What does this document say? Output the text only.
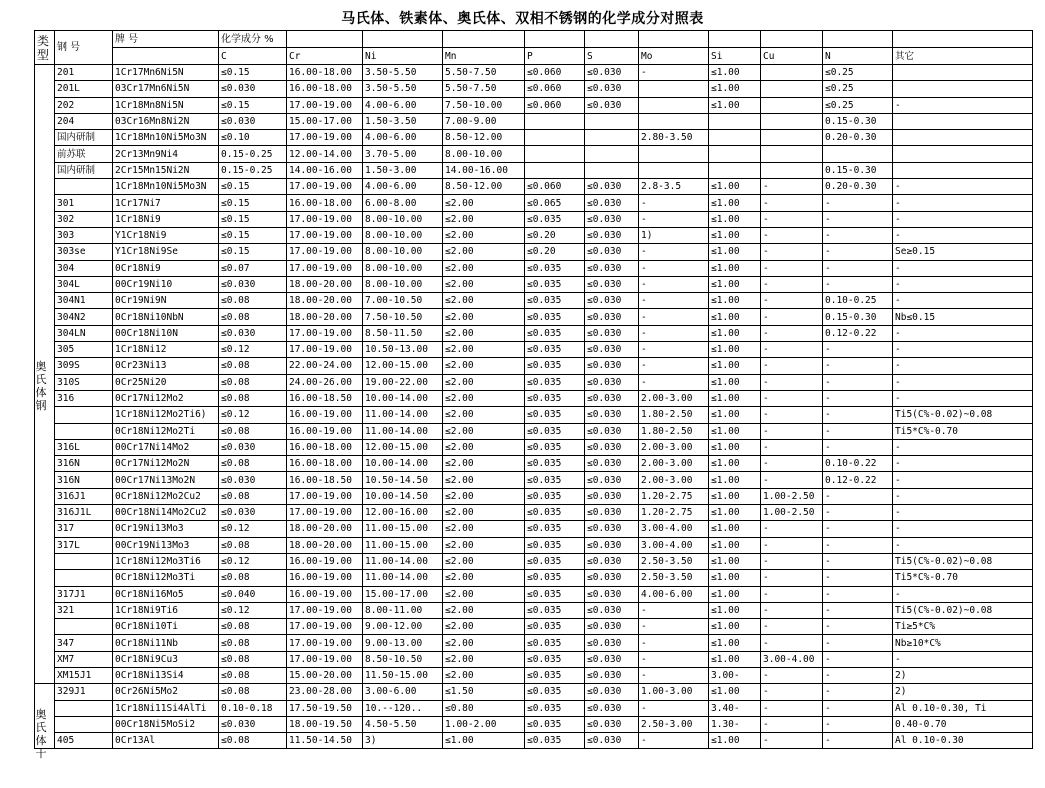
马氏体、铁素体、奥氏体、双相不锈钢的化学成分对照表
类
型
奥
氏
体
钢
奥
氏
体
十
	钢 号	牌 号	化学成分 %										
			C	Cr	Ni	Mn	P	S	Mo	Si	Cu	N	其它
	201	1Cr17Mn6Ni5N	≤0.15	16.00-18.00	3.50-5.50	5.50-7.50	≤0.060	≤0.030	-	≤1.00		≤0.25	
	201L	03Cr17Mn6Ni5N	≤0.030	16.00-18.00	3.50-5.50	5.50-7.50	≤0.060	≤0.030		≤1.00		≤0.25	
	202	1Cr18Mn8Ni5N	≤0.15	17.00-19.00	4.00-6.00	7.50-10.00	≤0.060	≤0.030		≤1.00		≤0.25	-
	204	03Cr16Mn8Ni2N	≤0.030	15.00-17.00	1.50-3.50	7.00-9.00						0.15-0.30	
	国内研制	1Cr18Mn10Ni5Mo3N	≤0.10	17.00-19.00	4.00-6.00	8.50-12.00			2.80-3.50			0.20-0.30	
	前苏联	2Cr13Mn9Ni4	0.15-0.25	12.00-14.00	3.70-5.00	8.00-10.00							
	国内研制	2Cr15Mn15Ni2N	0.15-0.25	14.00-16.00	1.50-3.00	14.00-16.00						0.15-0.30	
		1Cr18Mn10Ni5Mo3N	≤0.15	17.00-19.00	4.00-6.00	8.50-12.00	≤0.060	≤0.030	2.8-3.5	≤1.00	-	0.20-0.30	-
	301	1Cr17Ni7	≤0.15	16.00-18.00	6.00-8.00	≤2.00	≤0.065	≤0.030	-	≤1.00	-	-	-
	302	1Cr18Ni9	≤0.15	17.00-19.00	8.00-10.00	≤2.00	≤0.035	≤0.030	-	≤1.00	-	-	-
	303	Y1Cr18Ni9	≤0.15	17.00-19.00	8.00-10.00	≤2.00	≤0.20	≤0.030	1)	≤1.00	-	-	-
	303se	Y1Cr18Ni9Se	≤0.15	17.00-19.00	8.00-10.00	≤2.00	≤0.20	≤0.030	-	≤1.00	-	-	Se≥0.15
	304	0Cr18Ni9	≤0.07	17.00-19.00	8.00-10.00	≤2.00	≤0.035	≤0.030	-	≤1.00	-	-	-
	304L	00Cr19Ni10	≤0.030	18.00-20.00	8.00-10.00	≤2.00	≤0.035	≤0.030	-	≤1.00	-	-	-
	304N1	0Cr19Ni9N	≤0.08	18.00-20.00	7.00-10.50	≤2.00	≤0.035	≤0.030	-	≤1.00	-	0.10-0.25	-
	304N2	0Cr18Ni10NbN	≤0.08	18.00-20.00	7.50-10.50	≤2.00	≤0.035	≤0.030	-	≤1.00	-	0.15-0.30	Nb≤0.15
	304LN	00Cr18Ni10N	≤0.030	17.00-19.00	8.50-11.50	≤2.00	≤0.035	≤0.030	-	≤1.00	-	0.12-0.22	-
	305	1Cr18Ni12	≤0.12	17.00-19.00	10.50-13.00	≤2.00	≤0.035	≤0.030	-	≤1.00	-	-	-
	309S	0Cr23Ni13	≤0.08	22.00-24.00	12.00-15.00	≤2.00	≤0.035	≤0.030	-	≤1.00	-	-	-
	310S	0Cr25Ni20	≤0.08	24.00-26.00	19.00-22.00	≤2.00	≤0.035	≤0.030	-	≤1.00	-	-	-
	316	0Cr17Ni12Mo2	≤0.08	16.00-18.50	10.00-14.00	≤2.00	≤0.035	≤0.030	2.00-3.00	≤1.00	-	-	-
		1Cr18Ni12Mo2Ti6)	≤0.12	16.00-19.00	11.00-14.00	≤2.00	≤0.035	≤0.030	1.80-2.50	≤1.00	-	-	Ti5(C%-0.02)~0.08
		0Cr18Ni12Mo2Ti	≤0.08	16.00-19.00	11.00-14.00	≤2.00	≤0.035	≤0.030	1.80-2.50	≤1.00	-	-	Ti5*C%-0.70
	316L	00Cr17Ni14Mo2	≤0.030	16.00-18.00	12.00-15.00	≤2.00	≤0.035	≤0.030	2.00-3.00	≤1.00	-	-	-
	316N	0Cr17Ni12Mo2N	≤0.08	16.00-18.00	10.00-14.00	≤2.00	≤0.035	≤0.030	2.00-3.00	≤1.00	-	0.10-0.22	-
	316N	00Cr17Ni13Mo2N	≤0.030	16.00-18.50	10.50-14.50	≤2.00	≤0.035	≤0.030	2.00-3.00	≤1.00	-	0.12-0.22	-
	316J1	0Cr18Ni12Mo2Cu2	≤0.08	17.00-19.00	10.00-14.50	≤2.00	≤0.035	≤0.030	1.20-2.75	≤1.00	1.00-2.50	-	-
	316J1L	00Cr18Ni14Mo2Cu2	≤0.030	17.00-19.00	12.00-16.00	≤2.00	≤0.035	≤0.030	1.20-2.75	≤1.00	1.00-2.50	-	-
	317	0Cr19Ni13Mo3	≤0.12	18.00-20.00	11.00-15.00	≤2.00	≤0.035	≤0.030	3.00-4.00	≤1.00	-	-	-
	317L	00Cr19Ni13Mo3	≤0.08	18.00-20.00	11.00-15.00	≤2.00	≤0.035	≤0.030	3.00-4.00	≤1.00	-	-	-
		1Cr18Ni12Mo3Ti6	≤0.12	16.00-19.00	11.00-14.00	≤2.00	≤0.035	≤0.030	2.50-3.50	≤1.00	-	-	Ti5(C%-0.02)~0.08
		0Cr18Ni12Mo3Ti	≤0.08	16.00-19.00	11.00-14.00	≤2.00	≤0.035	≤0.030	2.50-3.50	≤1.00	-	-	Ti5*C%-0.70
	317J1	0Cr18Ni16Mo5	≤0.040	16.00-19.00	15.00-17.00	≤2.00	≤0.035	≤0.030	4.00-6.00	≤1.00	-	-	-
	321	1Cr18Ni9Ti6	≤0.12	17.00-19.00	8.00-11.00	≤2.00	≤0.035	≤0.030	-	≤1.00	-	-	Ti5(C%-0.02)~0.08
		0Cr18Ni10Ti	≤0.08	17.00-19.00	9.00-12.00	≤2.00	≤0.035	≤0.030	-	≤1.00	-	-	Ti≥5*C%
	347	0Cr18Ni11Nb	≤0.08	17.00-19.00	9.00-13.00	≤2.00	≤0.035	≤0.030	-	≤1.00	-	-	Nb≥10*C%
	XM7	0Cr18Ni9Cu3	≤0.08	17.00-19.00	8.50-10.50	≤2.00	≤0.035	≤0.030	-	≤1.00	3.00-4.00	-	-
	XM15J1	0Cr18Ni13Si4	≤0.08	15.00-20.00	11.50-15.00	≤2.00	≤0.035	≤0.030	-	3.00-	-	-	2)
	329J1	0Cr26Ni5Mo2	≤0.08	23.00-28.00	3.00-6.00	≤1.50	≤0.035	≤0.030	1.00-3.00	≤1.00	-	-	2)
		1Cr18Ni11Si4AlTi	0.10-0.18	17.50-19.50	10.--120..	≤0.80	≤0.035	≤0.030	-	3.40-	-	-	Al 0.10-0.30, Ti
		00Cr18Ni5MoSi2	≤0.030	18.00-19.50	4.50-5.50	1.00-2.00	≤0.035	≤0.030	2.50-3.00	1.30-	-	-	0.40-0.70
	405	0Cr13Al	≤0.08	11.50-14.50	3)	≤1.00	≤0.035	≤0.030	-	≤1.00	-	-	Al 0.10-0.30
